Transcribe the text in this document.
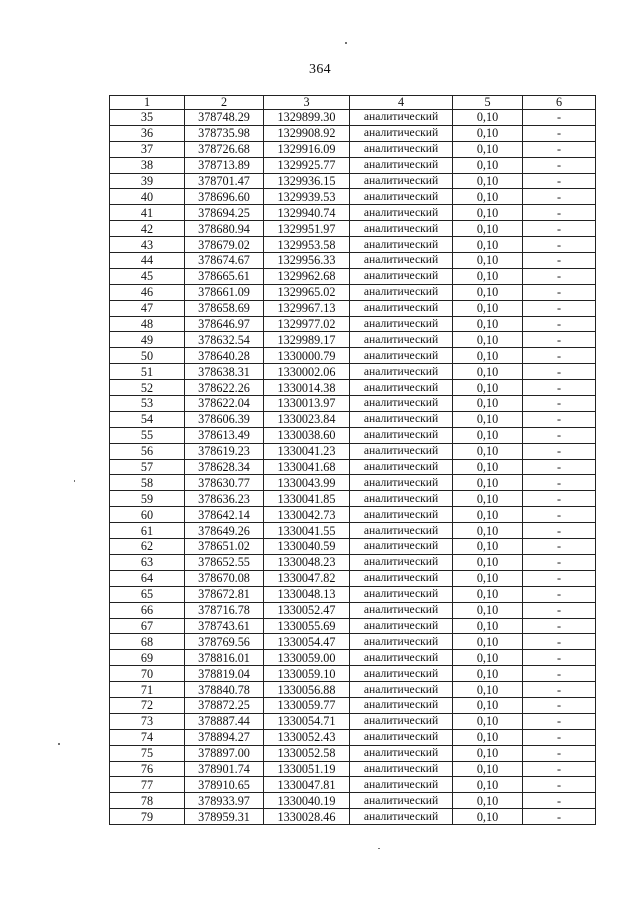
364
1	2	3	4	5	6
35	378748.29	1329899.30	аналитический	0,10	-
36	378735.98	1329908.92	аналитический	0,10	-
37	378726.68	1329916.09	аналитический	0,10	-
38	378713.89	1329925.77	аналитический	0,10	-
39	378701.47	1329936.15	аналитический	0,10	-
40	378696.60	1329939.53	аналитический	0,10	-
41	378694.25	1329940.74	аналитический	0,10	-
42	378680.94	1329951.97	аналитический	0,10	-
43	378679.02	1329953.58	аналитический	0,10	-
44	378674.67	1329956.33	аналитический	0,10	-
45	378665.61	1329962.68	аналитический	0,10	-
46	378661.09	1329965.02	аналитический	0,10	-
47	378658.69	1329967.13	аналитический	0,10	-
48	378646.97	1329977.02	аналитический	0,10	-
49	378632.54	1329989.17	аналитический	0,10	-
50	378640.28	1330000.79	аналитический	0,10	-
51	378638.31	1330002.06	аналитический	0,10	-
52	378622.26	1330014.38	аналитический	0,10	-
53	378622.04	1330013.97	аналитический	0,10	-
54	378606.39	1330023.84	аналитический	0,10	-
55	378613.49	1330038.60	аналитический	0,10	-
56	378619.23	1330041.23	аналитический	0,10	-
57	378628.34	1330041.68	аналитический	0,10	-
58	378630.77	1330043.99	аналитический	0,10	-
59	378636.23	1330041.85	аналитический	0,10	-
60	378642.14	1330042.73	аналитический	0,10	-
61	378649.26	1330041.55	аналитический	0,10	-
62	378651.02	1330040.59	аналитический	0,10	-
63	378652.55	1330048.23	аналитический	0,10	-
64	378670.08	1330047.82	аналитический	0,10	-
65	378672.81	1330048.13	аналитический	0,10	-
66	378716.78	1330052.47	аналитический	0,10	-
67	378743.61	1330055.69	аналитический	0,10	-
68	378769.56	1330054.47	аналитический	0,10	-
69	378816.01	1330059.00	аналитический	0,10	-
70	378819.04	1330059.10	аналитический	0,10	-
71	378840.78	1330056.88	аналитический	0,10	-
72	378872.25	1330059.77	аналитический	0,10	-
73	378887.44	1330054.71	аналитический	0,10	-
74	378894.27	1330052.43	аналитический	0,10	-
75	378897.00	1330052.58	аналитический	0,10	-
76	378901.74	1330051.19	аналитический	0,10	-
77	378910.65	1330047.81	аналитический	0,10	-
78	378933.97	1330040.19	аналитический	0,10	-
79	378959.31	1330028.46	аналитический	0,10	-
